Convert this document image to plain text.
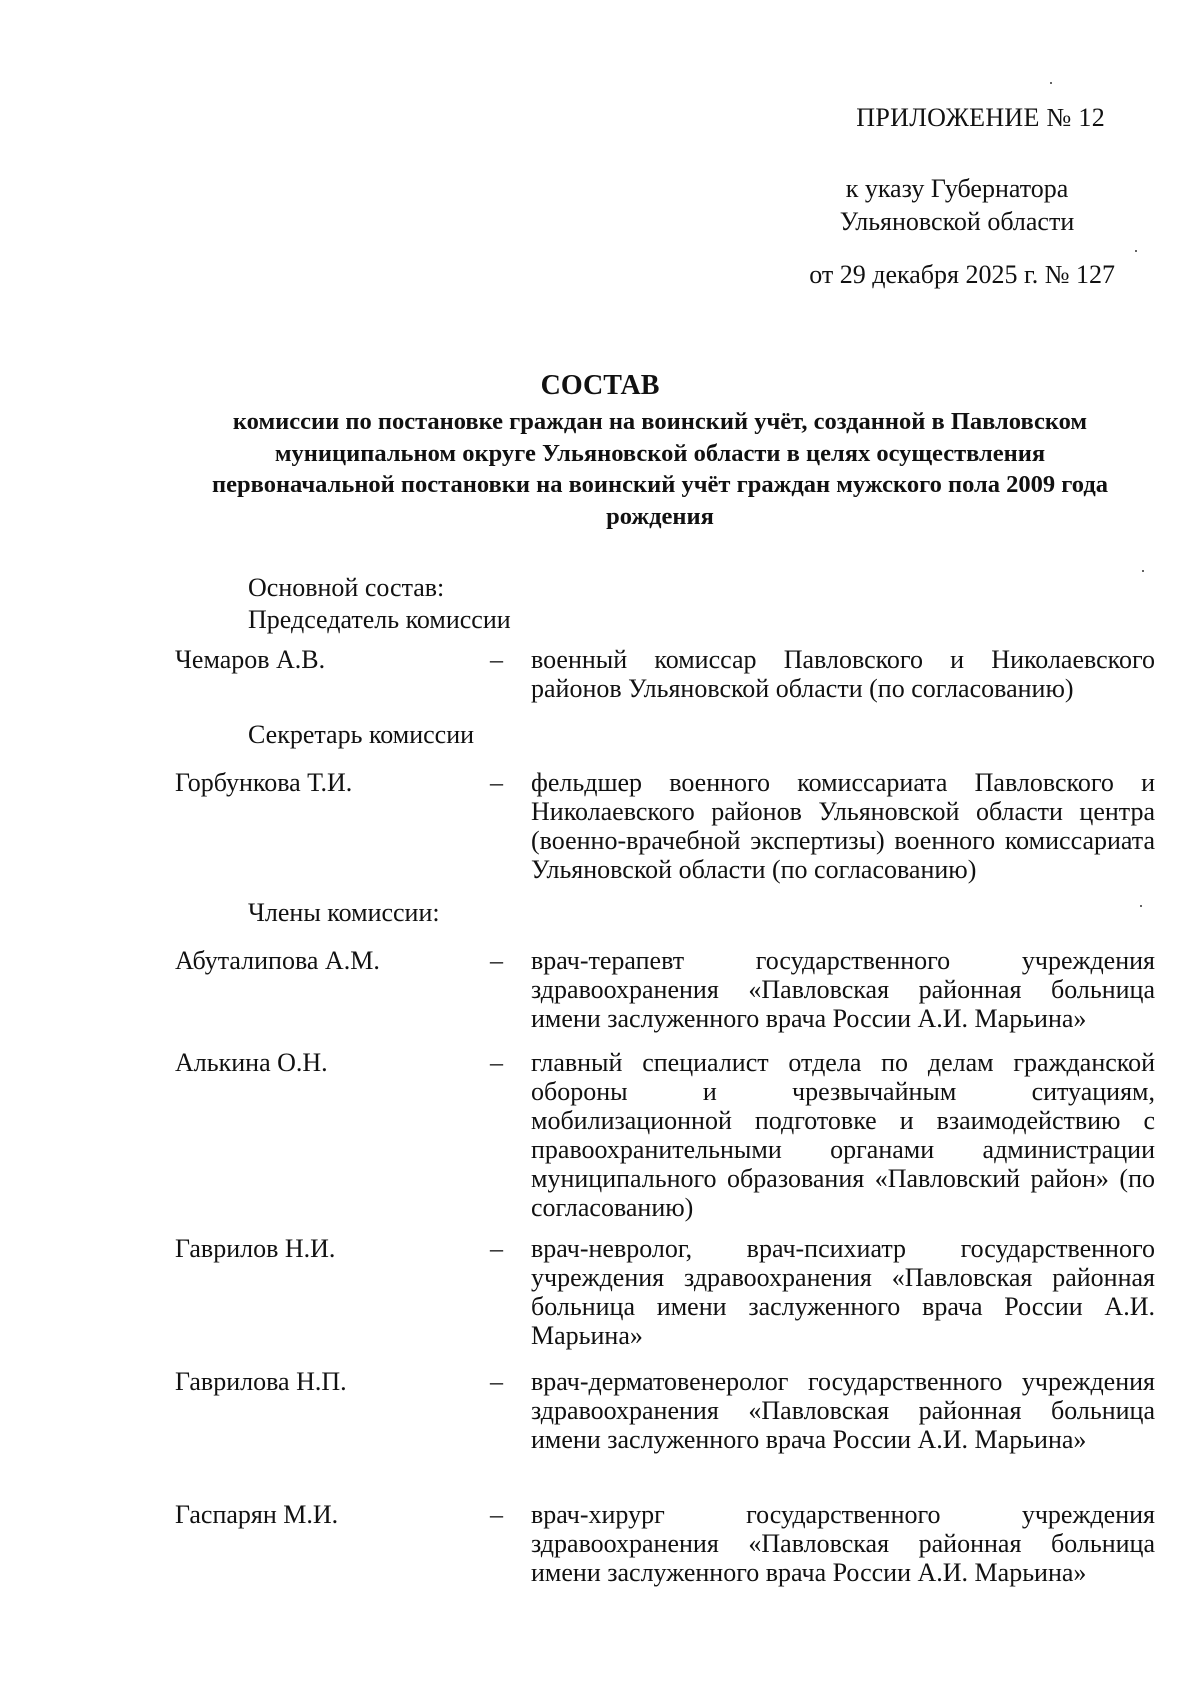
ПРИЛОЖЕНИЕ № 12
к указу Губернатора
Ульяновской области
от 29 декабря 2025 г. № 127
СОСТАВ
комиссии по постановке граждан на воинский учёт, созданной в Павловском муниципальном округе Ульяновской области в целях осуществления первоначальной постановки на воинский учёт граждан мужского пола 2009 года рождения
Основной состав:
Председатель комиссии
Чемаров А.В.	– военный комиссар Павловского и Николаевского районов Ульяновской области (по согласованию)
Секретарь комиссии
Горбункова Т.И.	– фельдшер военного комиссариата Павловского и Николаевского районов Ульяновской области центра (военно-врачебной экспертизы) военного комиссариата Ульяновской области (по согласованию)
Члены комиссии:
Абуталипова А.М.	– врач-терапевт государственного учреждения здравоохранения «Павловская районная больница имени заслуженного врача России А.И. Марьина»
Алькина О.Н.	– главный специалист отдела по делам гражданской обороны и чрезвычайным ситуациям, мобилизационной подготовке и взаимодействию с правоохранительными органами администрации муниципального образования «Павловский район» (по согласованию)
Гаврилов Н.И.	– врач-невролог, врач-психиатр государственного учреждения здравоохранения «Павловская районная больница имени заслуженного врача России А.И. Марьина»
Гаврилова Н.П.	– врач-дерматовенеролог государственного учреждения здравоохранения «Павловская районная больница имени заслуженного врача России А.И. Марьина»
Гаспарян М.И.	– врач-хирург государственного учреждения здравоохранения «Павловская районная больница имени заслуженного врача России А.И. Марьина»
